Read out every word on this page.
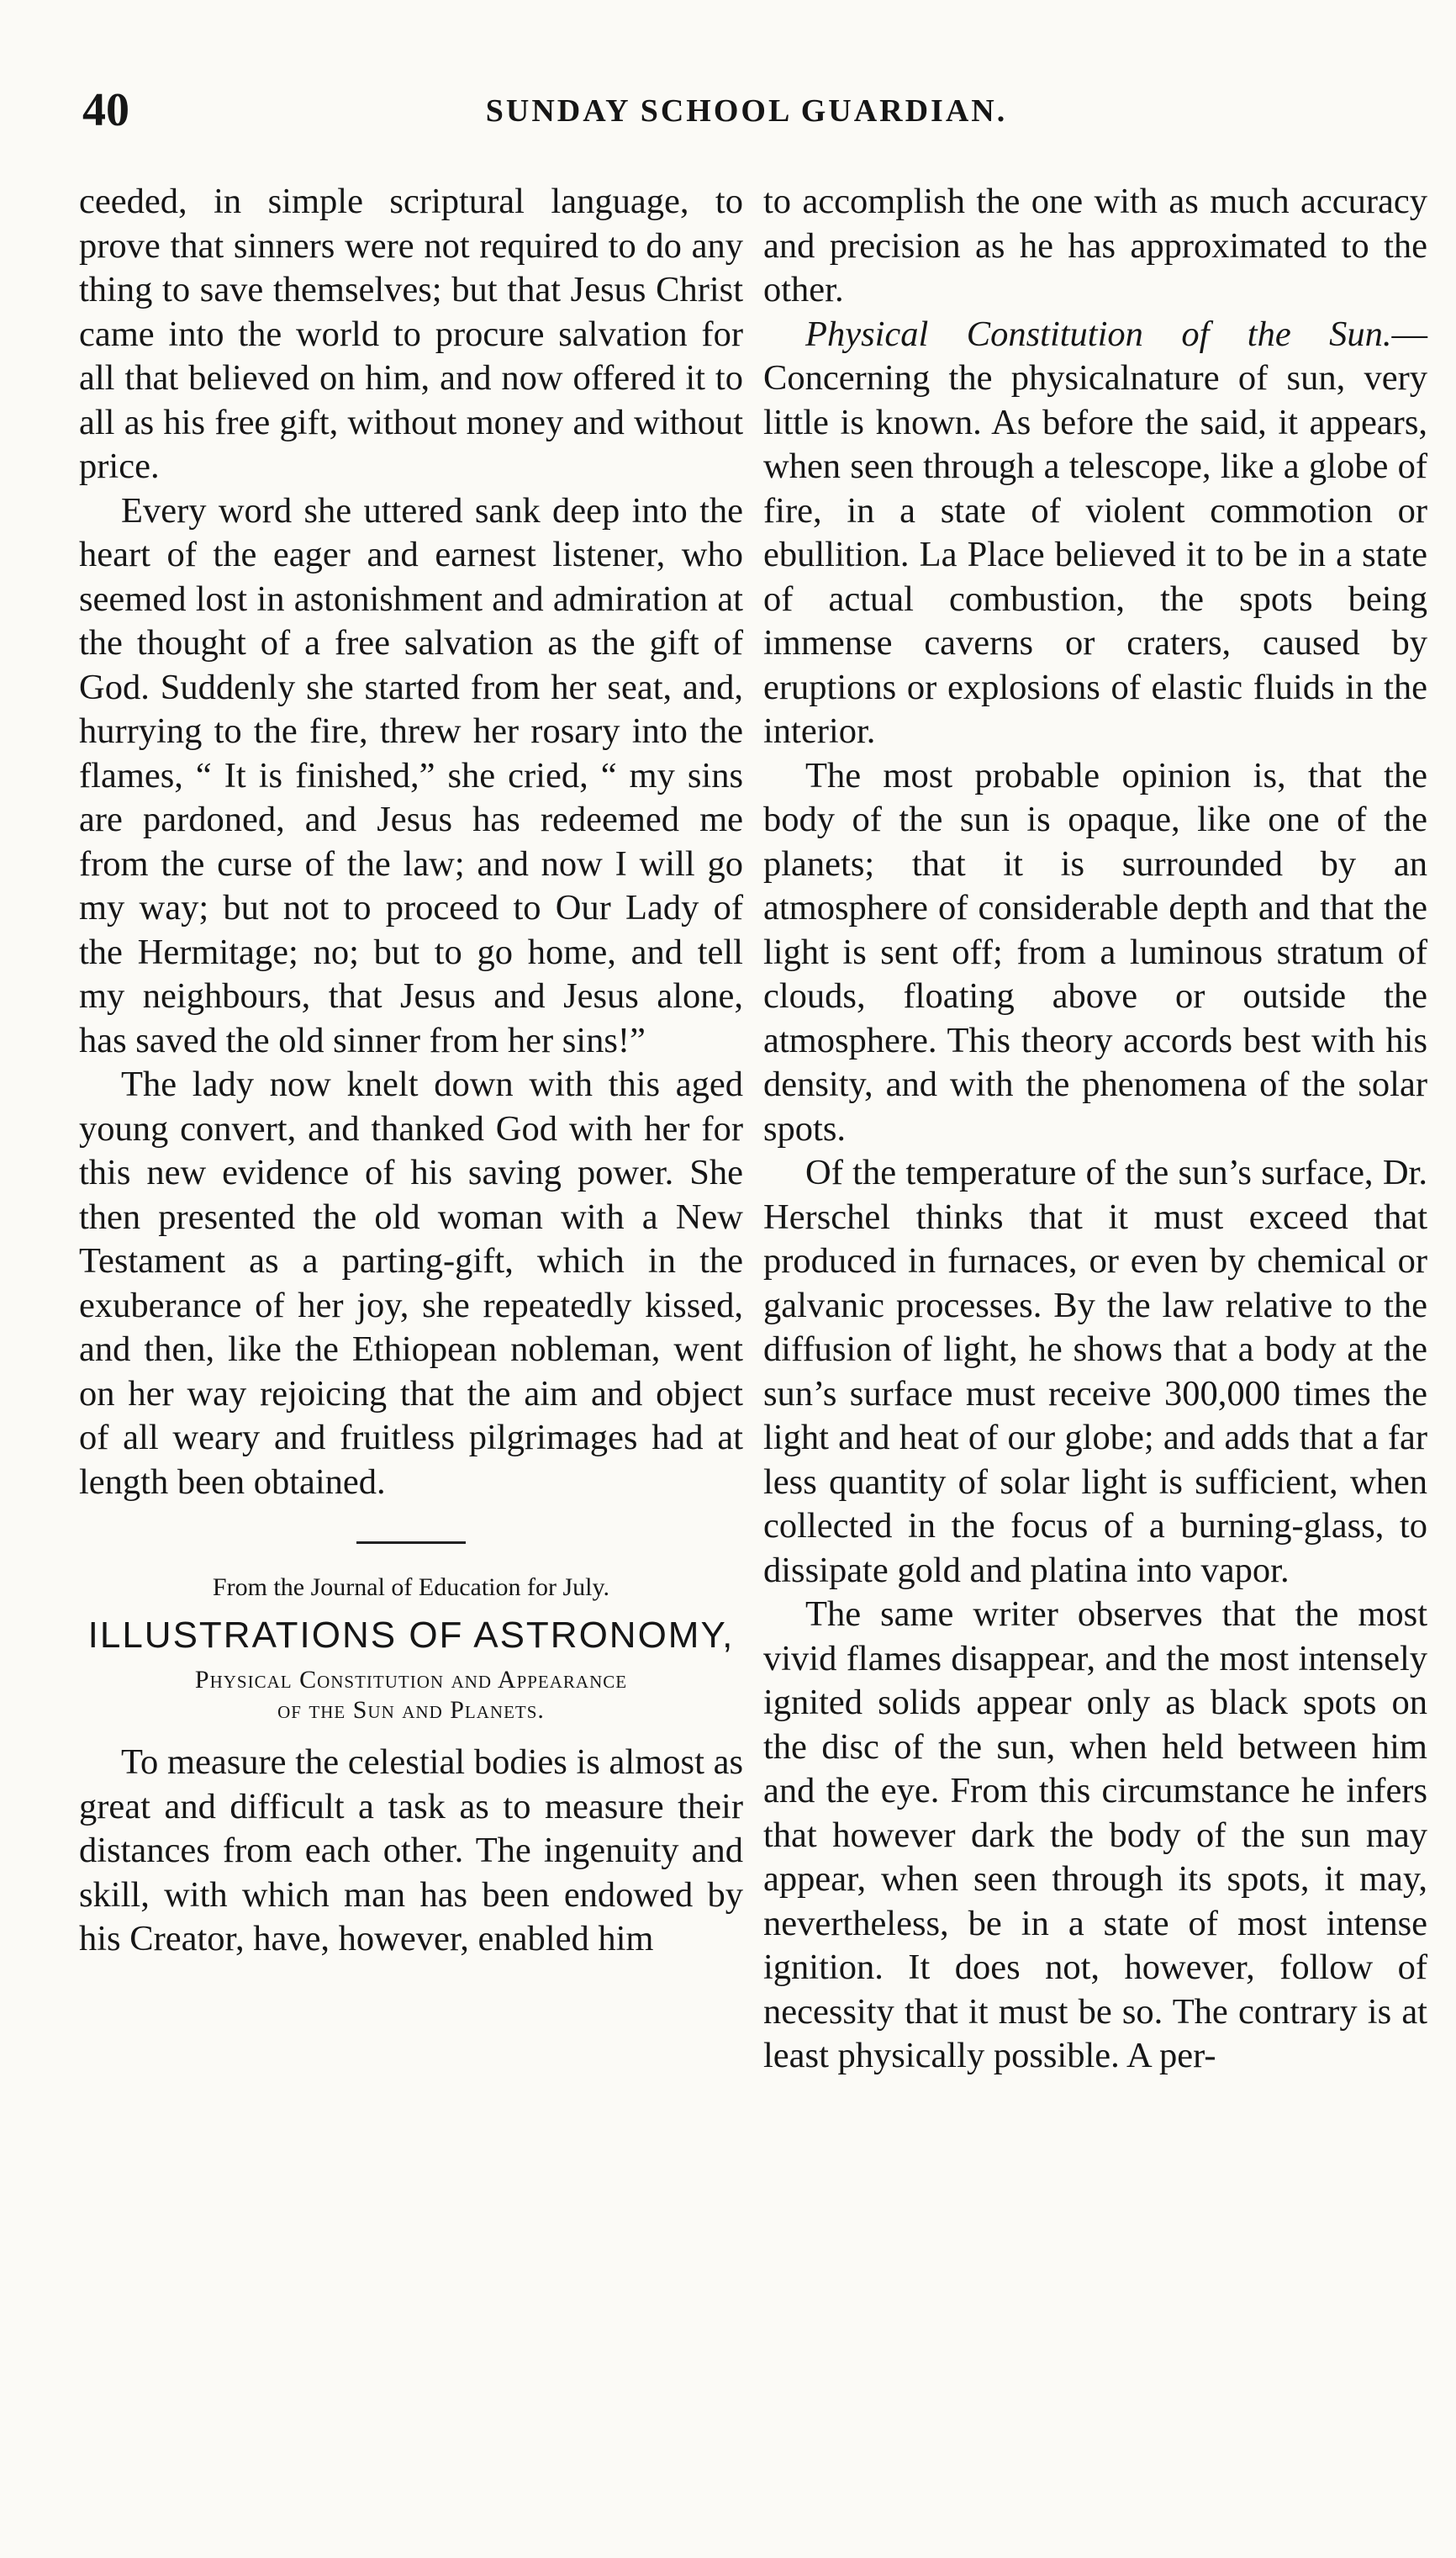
40	SUNDAY SCHOOL GUARDIAN.

ceeded, in simple scriptural language, to prove that sinners were not required to do any thing to save themselves; but that Jesus Christ came into the world to procure salvation for all that believed on him, and now offered it to all as his free gift, without money and without price.

Every word she uttered sank deep into the heart of the eager and earnest listener, who seemed lost in astonishment and admiration at the thought of a free salvation as the gift of God. Suddenly she started from her seat, and, hurrying to the fire, threw her rosary into the flames, “ It is finished,” she cried, “ my sins are pardoned, and Jesus has redeemed me from the curse of the law; and now I will go my way; but not to proceed to Our Lady of the Hermitage; no; but to go home, and tell my neighbours, that Jesus and Jesus alone, has saved the old sinner from her sins!”

The lady now knelt down with this aged young convert, and thanked God with her for this new evidence of his saving power. She then presented the old woman with a New Testament as a parting-gift, which in the exuberance of her joy, she repeatedly kissed, and then, like the Ethiopean nobleman, went on her way rejoicing that the aim and object of all weary and fruitless pilgrimages had at length been obtained.

From the Journal of Education for July.

ILLUSTRATIONS OF ASTRONOMY,

Physical Constitution and Appearance
of the Sun and Planets.

To measure the celestial bodies is almost as great and difficult a task as to measure their distances from each other. The ingenuity and skill, with which man has been endowed by his Creator, have, however, enabled him

to accomplish the one with as much accuracy and precision as he has approximated to the other.

Physical Constitution of the Sun.—Concerning the physicalnature of sun, very little is known. As before the said, it appears, when seen through a telescope, like a globe of fire, in a state of violent commotion or ebullition. La Place believed it to be in a state of actual combustion, the spots being immense caverns or craters, caused by eruptions or explosions of elastic fluids in the interior.

The most probable opinion is, that the body of the sun is opaque, like one of the planets; that it is surrounded by an atmosphere of considerable depth and that the light is sent off; from a luminous stratum of clouds, floating above or outside the atmosphere. This theory accords best with his density, and with the phenomena of the solar spots.

Of the temperature of the sun’s surface, Dr. Herschel thinks that it must exceed that produced in furnaces, or even by chemical or galvanic processes. By the law relative to the diffusion of light, he shows that a body at the sun’s surface must receive 300,000 times the light and heat of our globe; and adds that a far less quantity of solar light is sufficient, when collected in the focus of a burning-glass, to dissipate gold and platina into vapor.

The same writer observes that the most vivid flames disappear, and the most intensely ignited solids appear only as black spots on the disc of the sun, when held between him and the eye. From this circumstance he infers that however dark the body of the sun may appear, when seen through its spots, it may, nevertheless, be in a state of most intense ignition. It does not, however, follow of necessity that it must be so. The contrary is at least physically possible. A per-
